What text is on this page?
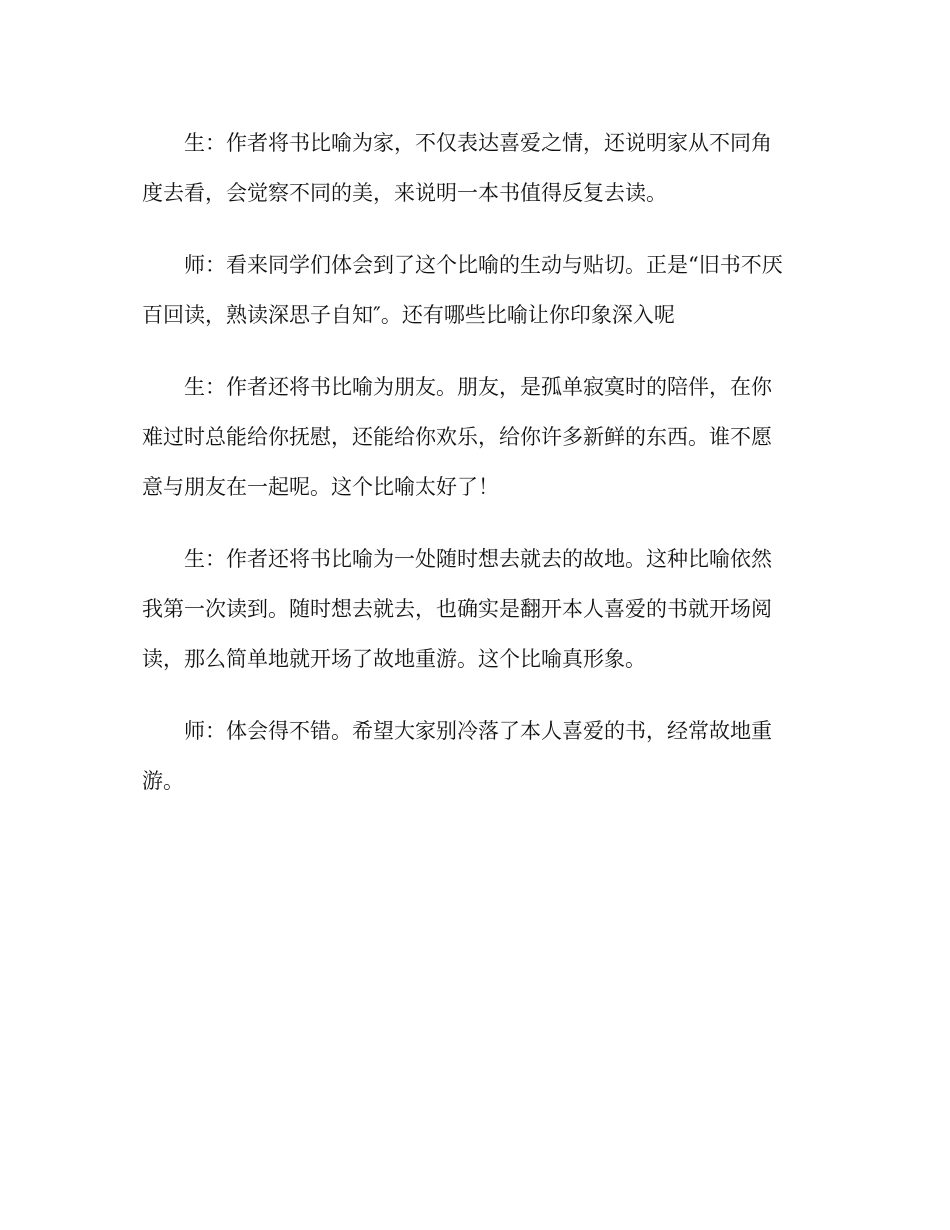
生：作者将书比喻为家，不仅表达喜爱之情，还说明家从不同角
度去看，会觉察不同的美，来说明一本书值得反复去读。

师：看来同学们体会到了这个比喻的生动与贴切。正是“旧书不厌
百回读，熟读深思子自知″。还有哪些比喻让你印象深入呢

生：作者还将书比喻为朋友。朋友，是孤单寂寞时的陪伴，在你
难过时总能给你抚慰，还能给你欢乐，给你许多新鲜的东西。谁不愿
意与朋友在一起呢。这个比喻太好了！

生：作者还将书比喻为一处随时想去就去的故地。这种比喻依然
我第一次读到。随时想去就去，也确实是翻开本人喜爱的书就开场阅
读，那么简单地就开场了故地重游。这个比喻真形象。

师：体会得不错。希望大家别冷落了本人喜爱的书，经常故地重
游。
